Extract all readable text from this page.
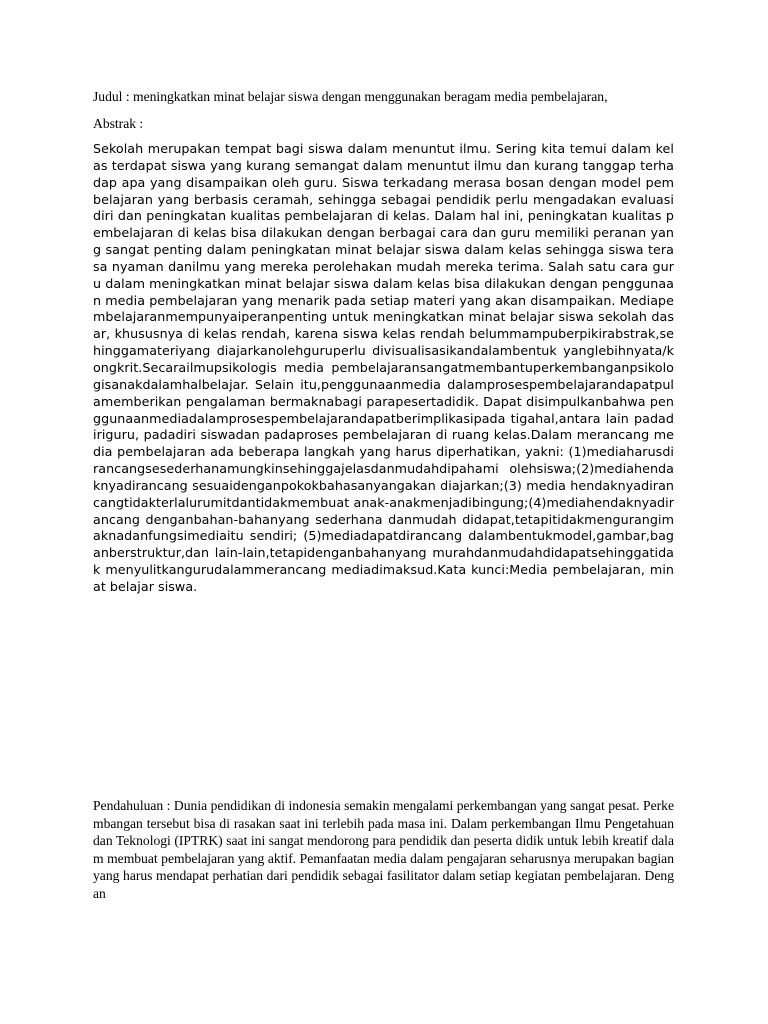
Judul : meningkatkan minat belajar siswa dengan menggunakan beragam media pembelajaran,

Abstrak :

Sekolah merupakan tempat bagi siswa dalam menuntut ilmu. Sering kita temui dalam kelas terdapat siswa yang kurang semangat dalam menuntut ilmu dan kurang tanggap terhadap apa yang disampaikan oleh guru. Siswa terkadang merasa bosan dengan model pembelajaran yang berbasis ceramah, sehingga sebagai pendidik perlu mengadakan evaluasi diri dan peningkatan kualitas pembelajaran di kelas. Dalam hal ini, peningkatan kualitas pembelajaran di kelas bisa dilakukan dengan berbagai cara dan guru memiliki peranan yang sangat penting dalam peningkatan minat belajar siswa dalam kelas sehingga siswa terasa nyaman danilmu yang mereka perolehakan mudah mereka terima. Salah satu cara guru dalam meningkatkan minat belajar siswa dalam kelas bisa dilakukan dengan penggunaan media pembelajaran yang menarik pada setiap materi yang akan disampaikan. Mediapembelajaranmempunyaiperanpenting untuk meningkatkan minat belajar siswa sekolah dasar, khususnya di kelas rendah, karena siswa kelas rendah belummampuberpikirabstrak,sehinggamateriyang diajarkanolehguruperlu divisualisasikandalambentuk yanglebihnyata/kongkrit.Secarailmupsikologis media pembelajaransangatmembantuperkembanganpsikologisanakdalamhalbelajar. Selain itu,penggunaanmedia dalamprosespembelajarandapatpulamemberikan pengalaman bermaknabagi parapesertadidik. Dapat disimpulkanbahwa penggunaanmediadalamprosespembelajarandapatberimplikasipada tigahal,antara lain padadiriguru, padadiri siswadan padaproses pembelajaran di ruang kelas.Dalam merancang media pembelajaran ada beberapa langkah yang harus diperhatikan, yakni: (1)mediaharusdirancangsesederhanamungkinsehinggajelasdanmudahdipahami olehsiswa;(2)mediahendaknyadirancang sesuaidenganpokokbahasanyangakan diajarkan;(3) media hendaknyadirancangtidakterlalurumitdantidakmembuat anak-anakmenjadibingung;(4)mediahendaknyadirancang denganbahan-bahanyang sederhana danmudah didapat,tetapitidakmengurangimaknadanfungsimediaitu sendiri; (5)mediadapatdirancang dalambentukmodel,gambar,baganberstruktur,dan lain-lain,tetapidenganbahanyang murahdanmudahdidapatsehinggatidak menyulitkangurudalammerancang mediadimaksud.Kata kunci:Media pembelajaran, minat belajar siswa.

Pendahuluan : Dunia pendidikan di indonesia semakin mengalami perkembangan yang sangat pesat. Perkembangan tersebut bisa di rasakan saat ini terlebih pada masa ini. Dalam perkembangan Ilmu Pengetahuan dan Teknologi (IPTRK) saat ini sangat mendorong para pendidik dan peserta didik untuk lebih kreatif dalam membuat pembelajaran yang aktif. Pemanfaatan media dalam pengajaran seharusnya merupakan bagian yang harus mendapat perhatian dari pendidik sebagai fasilitator dalam setiap kegiatan pembelajaran. Dengan
